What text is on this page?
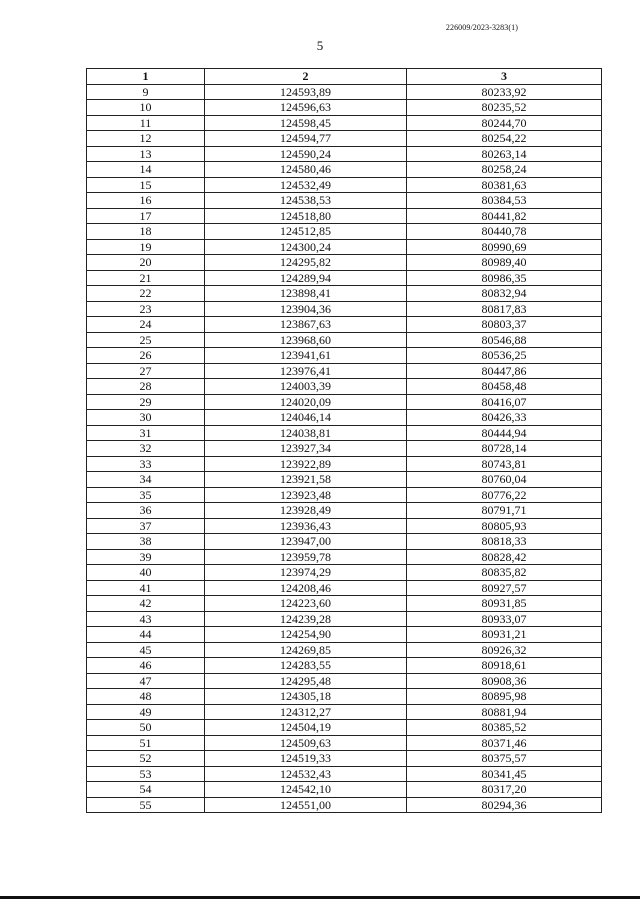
226009/2023-3283(1)
5
1	2	3
9	124593,89	80233,92
10	124596,63	80235,52
11	124598,45	80244,70
12	124594,77	80254,22
13	124590,24	80263,14
14	124580,46	80258,24
15	124532,49	80381,63
16	124538,53	80384,53
17	124518,80	80441,82
18	124512,85	80440,78
19	124300,24	80990,69
20	124295,82	80989,40
21	124289,94	80986,35
22	123898,41	80832,94
23	123904,36	80817,83
24	123867,63	80803,37
25	123968,60	80546,88
26	123941,61	80536,25
27	123976,41	80447,86
28	124003,39	80458,48
29	124020,09	80416,07
30	124046,14	80426,33
31	124038,81	80444,94
32	123927,34	80728,14
33	123922,89	80743,81
34	123921,58	80760,04
35	123923,48	80776,22
36	123928,49	80791,71
37	123936,43	80805,93
38	123947,00	80818,33
39	123959,78	80828,42
40	123974,29	80835,82
41	124208,46	80927,57
42	124223,60	80931,85
43	124239,28	80933,07
44	124254,90	80931,21
45	124269,85	80926,32
46	124283,55	80918,61
47	124295,48	80908,36
48	124305,18	80895,98
49	124312,27	80881,94
50	124504,19	80385,52
51	124509,63	80371,46
52	124519,33	80375,57
53	124532,43	80341,45
54	124542,10	80317,20
55	124551,00	80294,36
